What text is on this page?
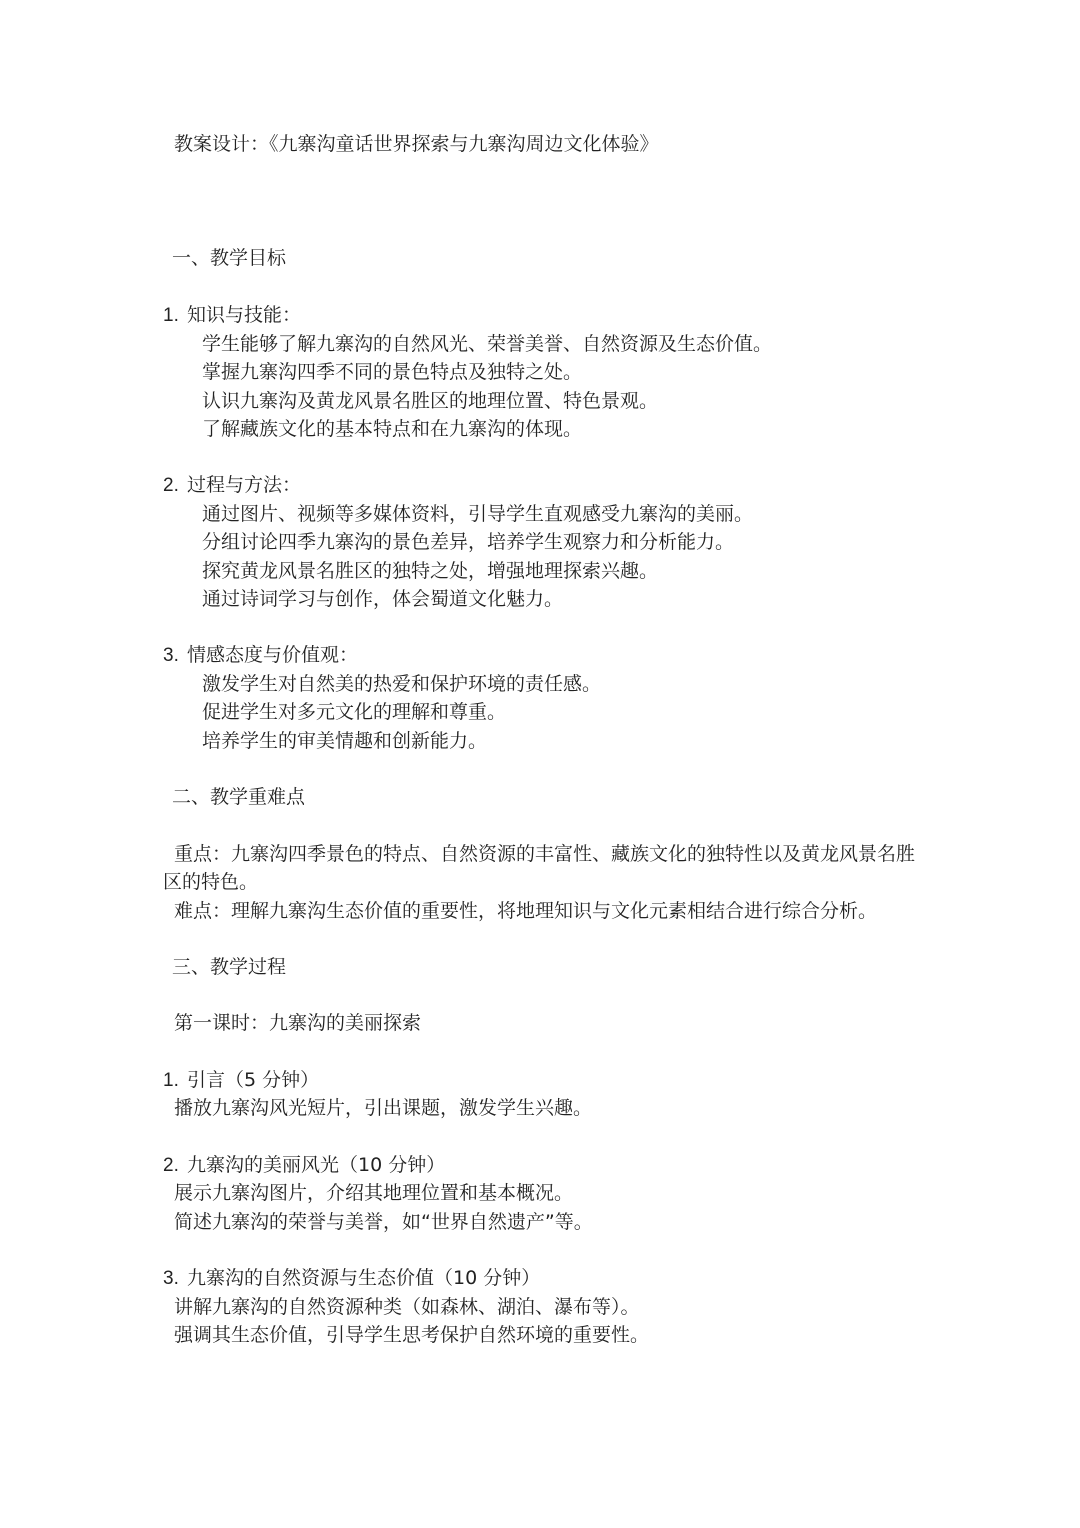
教案设计：《九寨沟童话世界探索与九寨沟周边文化体验》
一、教学目标
1. 知识与技能：
学生能够了解九寨沟的自然风光、荣誉美誉、自然资源及生态价值。
掌握九寨沟四季不同的景色特点及独特之处。
认识九寨沟及黄龙风景名胜区的地理位置、特色景观。
了解藏族文化的基本特点和在九寨沟的体现。
2. 过程与方法：
通过图片、视频等多媒体资料，引导学生直观感受九寨沟的美丽。
分组讨论四季九寨沟的景色差异，培养学生观察力和分析能力。
探究黄龙风景名胜区的独特之处，增强地理探索兴趣。
通过诗词学习与创作，体会蜀道文化魅力。
3. 情感态度与价值观：
激发学生对自然美的热爱和保护环境的责任感。
促进学生对多元文化的理解和尊重。
培养学生的审美情趣和创新能力。
二、教学重难点
重点：九寨沟四季景色的特点、自然资源的丰富性、藏族文化的独特性以及黄龙风景名胜
区的特色。
难点：理解九寨沟生态价值的重要性，将地理知识与文化元素相结合进行综合分析。
三、教学过程
第一课时：九寨沟的美丽探索
1. 引言（5 分钟）
播放九寨沟风光短片，引出课题，激发学生兴趣。
2. 九寨沟的美丽风光（10 分钟）
展示九寨沟图片，介绍其地理位置和基本概况。
简述九寨沟的荣誉与美誉，如“世界自然遗产”等。
3. 九寨沟的自然资源与生态价值（10 分钟）
讲解九寨沟的自然资源种类（如森林、湖泊、瀑布等）。
强调其生态价值，引导学生思考保护自然环境的重要性。
